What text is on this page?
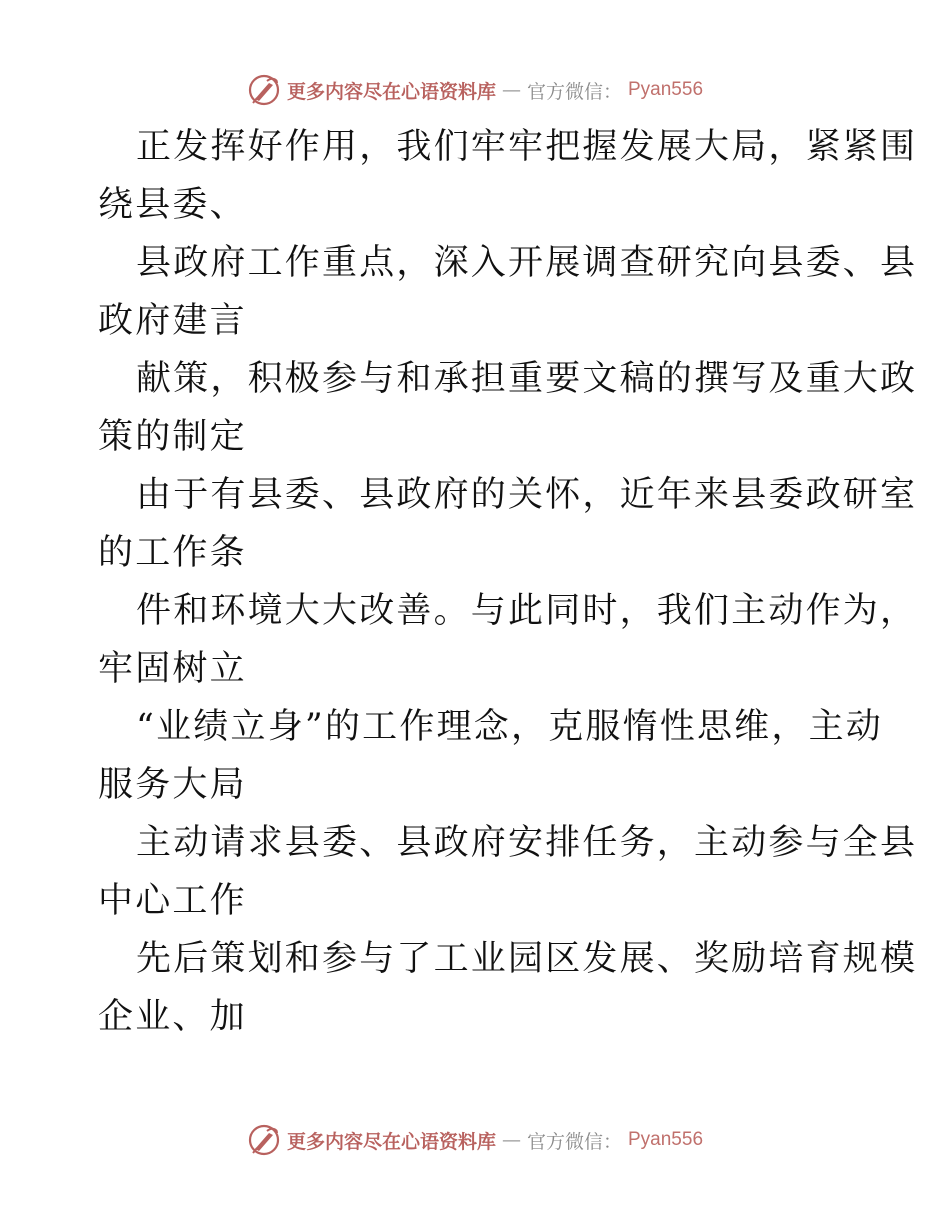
更多内容尽在心语资料库 — 官方微信： Pyan556

正发挥好作用，我们牢牢把握发展大局，紧紧围
绕县委、

县政府工作重点，深入开展调查研究向县委、县
政府建言

献策，积极参与和承担重要文稿的撰写及重大政
策的制定

由于有县委、县政府的关怀，近年来县委政研室
的工作条

件和环境大大改善。与此同时，我们主动作为，
牢固树立

“业绩立身”的工作理念，克服惰性思维，主动
服务大局

主动请求县委、县政府安排任务，主动参与全县
中心工作

先后策划和参与了工业园区发展、奖励培育规模
企业、加

更多内容尽在心语资料库 — 官方微信： Pyan556
